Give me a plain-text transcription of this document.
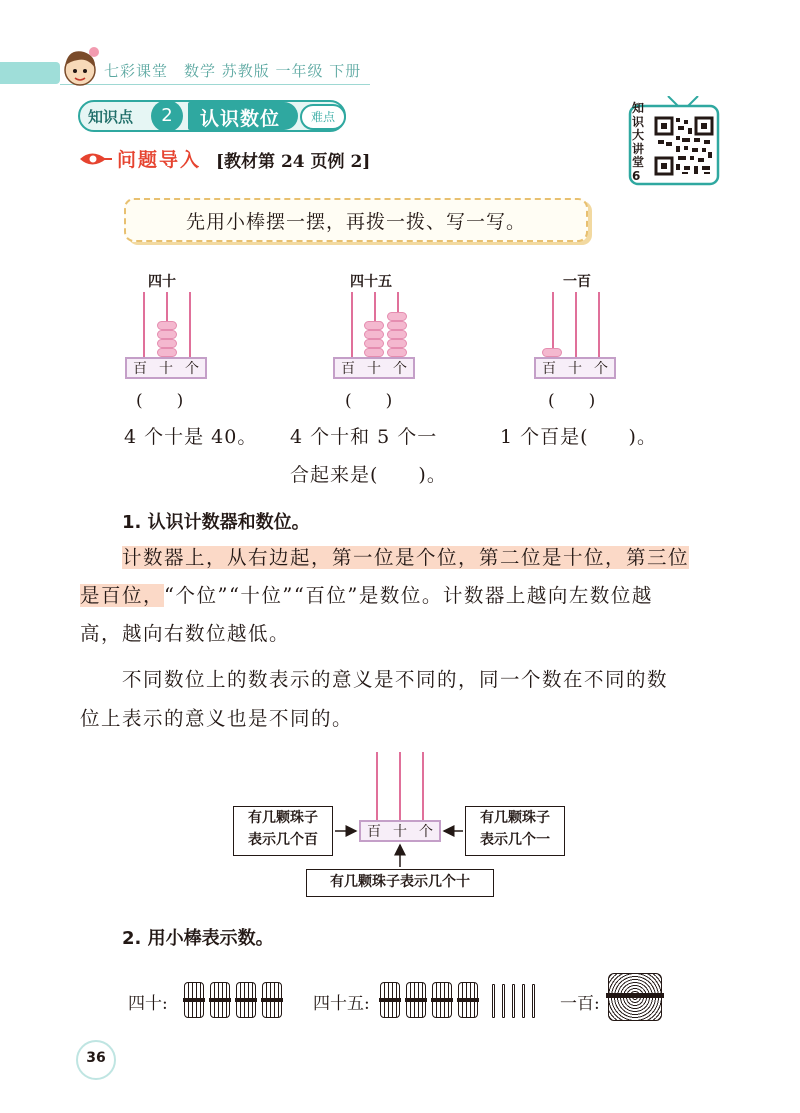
七彩课堂　数学 苏教版 一年级 下册
知识点	2	认识数位	难点
知识大讲堂6
问题导入 [教材第 24 页例 2]
先用小棒摆一摆，再拨一拨、写一写。
四十
百 十 个
(　　)
4 个十是 40。
四十五
百 十 个
(　　)
4 个十和 5 个一
合起来是(　　)。
一百
百 十 个
(　　)
1 个百是(　　)。
1. 认识计数器和数位。
计数器上，从右边起，第一位是个位，第二位是十位，第三位
是百位，“个位”“十位”“百位”是数位。计数器上越向左数位越
高，越向右数位越低。
不同数位上的数表示的意义是不同的，同一个数在不同的数
位上表示的意义也是不同的。
百 十 个
有几颗珠子
表示几个百
有几颗珠子
表示几个一
有几颗珠子表示几个十
2. 用小棒表示数。
四十:	四十五:	一百:
36
